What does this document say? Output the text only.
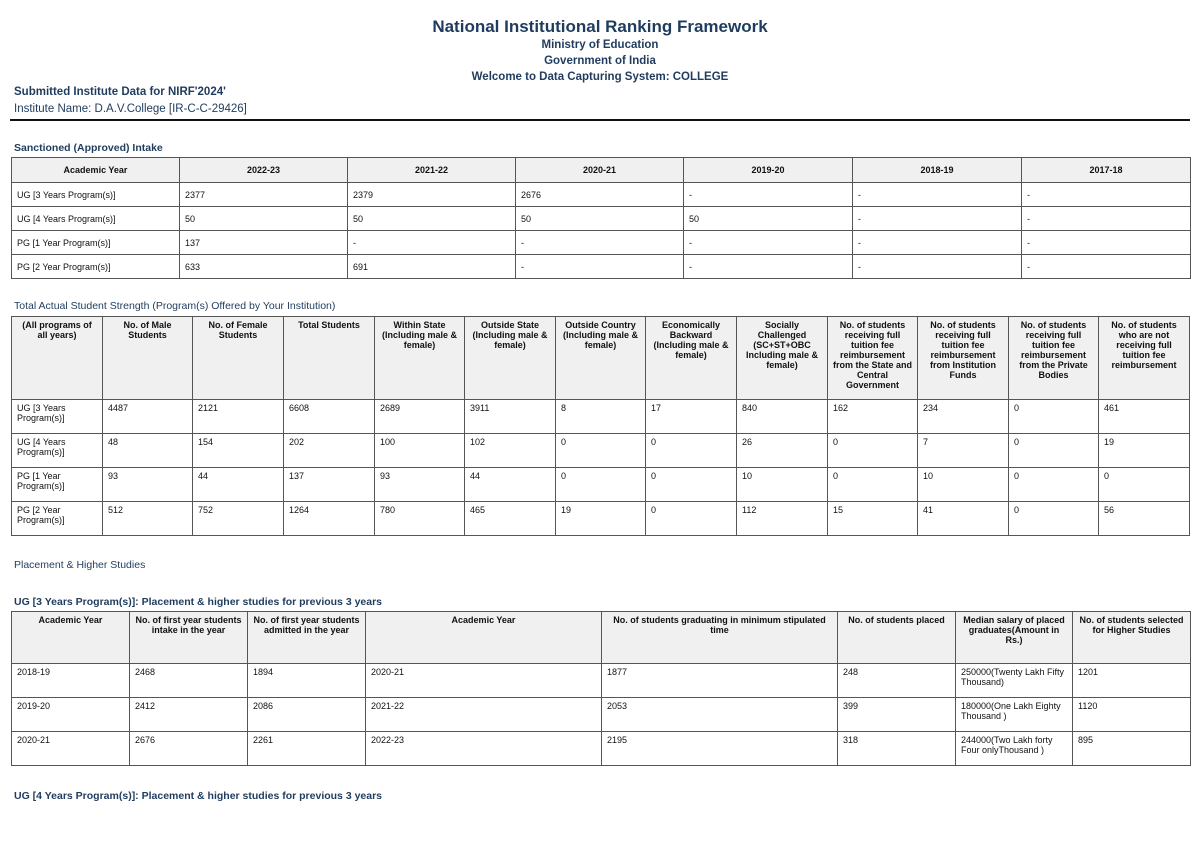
National Institutional Ranking Framework
Ministry of Education
Government of India
Welcome to Data Capturing System: COLLEGE
Submitted Institute Data for NIRF'2024'
Institute Name: D.A.V.College [IR-C-C-29426]
Sanctioned (Approved) Intake
Academic Year	2022-23	2021-22	2020-21	2019-20	2018-19	2017-18
UG [3 Years Program(s)]	2377	2379	2676	-	-	-
UG [4 Years Program(s)]	50	50	50	50	-	-
PG [1 Year Program(s)]	137	-	-	-	-	-
PG [2 Year Program(s)]	633	691	-	-	-	-
Total Actual Student Strength (Program(s) Offered by Your Institution)
(All programs of all years)	No. of Male Students	No. of Female Students	Total Students	Within State (Including male & female)	Outside State (Including male & female)	Outside Country (Including male & female)	Economically Backward (Including male & female)	Socially Challenged (SC+ST+OBC Including male & female)	No. of students receiving full tuition fee reimbursement from the State and Central Government	No. of students receiving full tuition fee reimbursement from Institution Funds	No. of students receiving full tuition fee reimbursement from the Private Bodies	No. of students who are not receiving full tuition fee reimbursement
UG [3 Years Program(s)]	4487	2121	6608	2689	3911	8	17	840	162	234	0	461
UG [4 Years Program(s)]	48	154	202	100	102	0	0	26	0	7	0	19
PG [1 Year Program(s)]	93	44	137	93	44	0	0	10	0	10	0	0
PG [2 Year Program(s)]	512	752	1264	780	465	19	0	112	15	41	0	56
Placement & Higher Studies
UG [3 Years Program(s)]: Placement & higher studies for previous 3 years
Academic Year	No. of first year students intake in the year	No. of first year students admitted in the year	Academic Year	No. of students graduating in minimum stipulated time	No. of students placed	Median salary of placed graduates(Amount in Rs.)	No. of students selected for Higher Studies
2018-19	2468	1894	2020-21	1877	248	250000(Twenty Lakh Fifty Thousand)	1201
2019-20	2412	2086	2021-22	2053	399	180000(One Lakh Eighty Thousand )	1120
2020-21	2676	2261	2022-23	2195	318	244000(Two Lakh forty Four onlyThousand )	895
UG [4 Years Program(s)]: Placement & higher studies for previous 3 years
